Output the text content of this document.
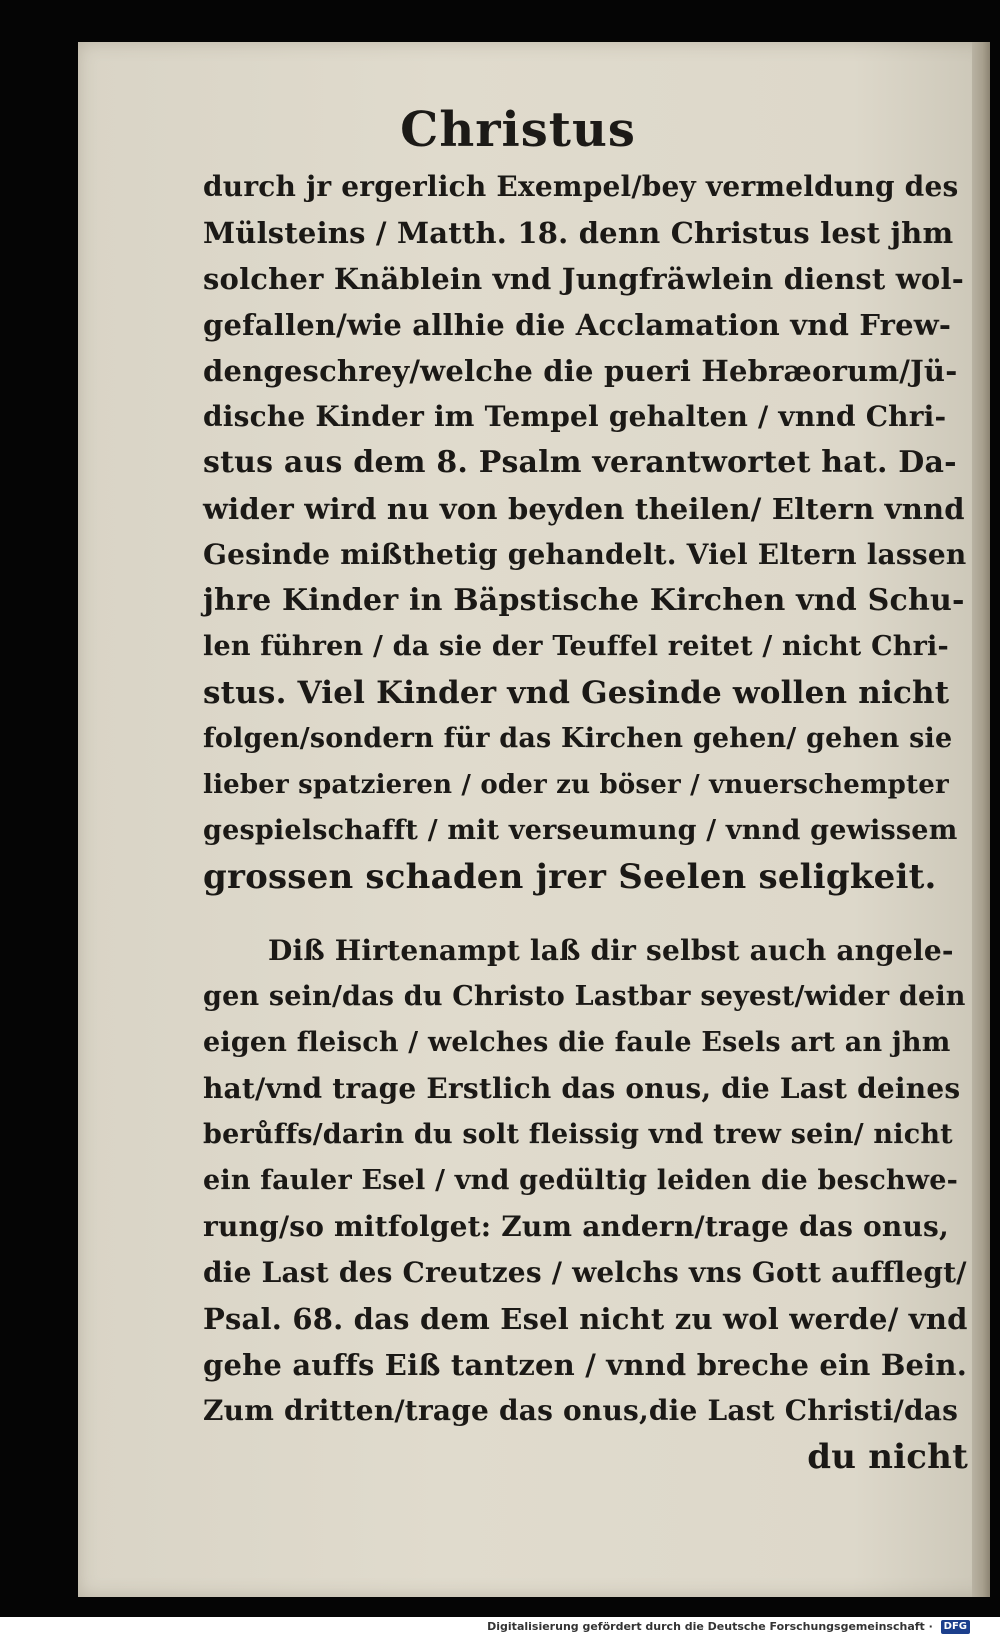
Christus
durch jr ergerlich Exempel/bey vermeldung des
Mülsteins / Matth. 18. denn Christus lest jhm
solcher Knäblein vnd Jungfräwlein dienst wol-
gefallen/wie allhie die Acclamation vnd Frew-
dengeschrey/welche die pueri Hebræorum/Jü-
dische Kinder im Tempel gehalten / vnnd Chri-
stus aus dem 8. Psalm verantwortet hat. Da-
wider wird nu von beyden theilen/ Eltern vnnd
Gesinde mißthetig gehandelt. Viel Eltern lassen
jhre Kinder in Bäpstische Kirchen vnd Schu-
len führen / da sie der Teuffel reitet / nicht Chri-
stus. Viel Kinder vnd Gesinde wollen nicht
folgen/sondern für das Kirchen gehen/ gehen sie
lieber spatzieren / oder zu böser / vnuerschempter
gespielschafft / mit verseumung / vnnd gewissem
grossen schaden jrer Seelen seligkeit.
Diß Hirtenampt laß dir selbst auch angele-
gen sein/das du Christo Lastbar seyest/wider dein
eigen fleisch / welches die faule Esels art an jhm
hat/vnd trage Erstlich das onus, die Last deines
berůffs/darin du solt fleissig vnd trew sein/ nicht
ein fauler Esel / vnd gedültig leiden die beschwe-
rung/so mitfolget: Zum andern/trage das onus,
die Last des Creutzes / welchs vns Gott aufflegt/
Psal. 68. das dem Esel nicht zu wol werde/ vnd
gehe auffs Eiß tantzen / vnnd breche ein Bein.
Zum dritten/trage das onus,die Last Christi/das
du nicht
Digitalisierung gefördert durch die Deutsche Forschungsgemeinschaft · DFG
